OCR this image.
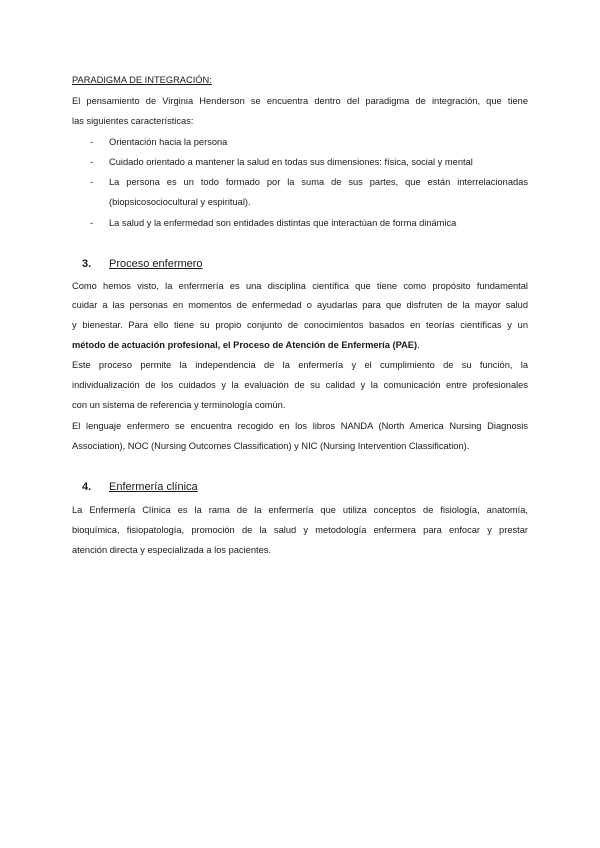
PARADIGMA DE INTEGRACIÓN:
El pensamiento de Virginia Henderson se encuentra dentro del paradigma de integración, que tiene
las siguientes características:
- Orientación hacia la persona
- Cuidado orientado a mantener la salud en todas sus dimensiones: física, social y mental
- La persona es un todo formado por la suma de sus partes, que están interrelacionadas
(biopsicosociocultural y espiritual).
- La salud y la enfermedad son entidades distintas que interactúan de forma dinámica
3. Proceso enfermero
Como hemos visto, la enfermería es una disciplina científica que tiene como propósito fundamental
cuidar a las personas en momentos de enfermedad o ayudarlas para que disfruten de la mayor salud
y bienestar. Para ello tiene su propio conjunto de conocimientos basados en teorías científicas y un
método de actuación profesional, el Proceso de Atención de Enfermería (PAE).
Este proceso permite la independencia de la enfermería y el cumplimiento de su función, la
individualización de los cuidados y la evaluación de su calidad y la comunicación entre profesionales
con un sistema de referencia y terminología común.
El lenguaje enfermero se encuentra recogido en los libros NANDA (North America Nursing Diagnosis
Association), NOC (Nursing Outcomes Classification) y NIC (Nursing Intervention Classification).
4. Enfermería clínica
La Enfermería Clínica es la rama de la enfermería que utiliza conceptos de fisiología, anatomía,
bioquímica, fisiopatología, promoción de la salud y metodología enfermera para enfocar y prestar
atención directa y especializada a los pacientes.
